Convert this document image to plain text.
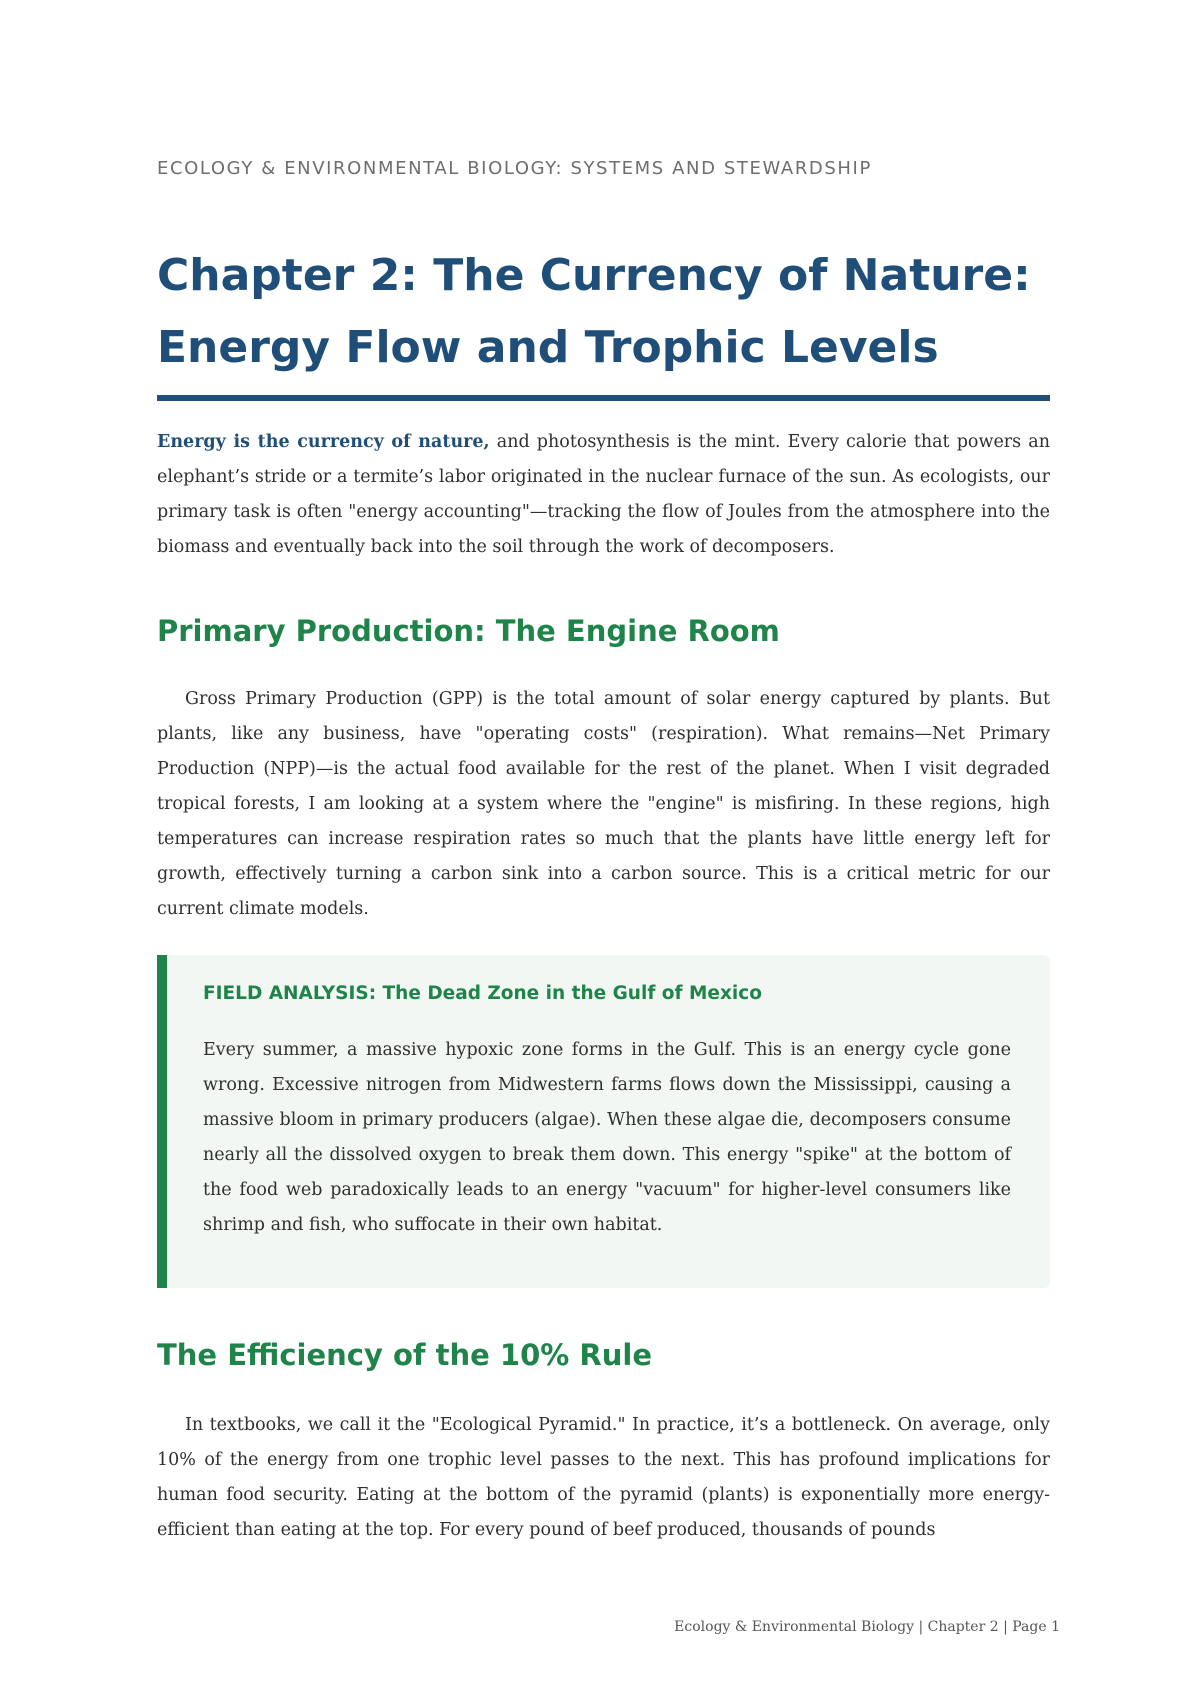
ECOLOGY & ENVIRONMENTAL BIOLOGY: SYSTEMS AND STEWARDSHIP
Chapter 2: The Currency of Nature: Energy Flow and Trophic Levels

Energy is the currency of nature, and photosynthesis is the mint. Every calorie that powers an elephant’s stride or a termite’s labor originated in the nuclear furnace of the sun. As ecologists, our primary task is often "energy accounting"—tracking the flow of Joules from the atmosphere into the biomass and eventually back into the soil through the work of decomposers.

Primary Production: The Engine Room

Gross Primary Production (GPP) is the total amount of solar energy captured by plants. But plants, like any business, have "operating costs" (respiration). What remains—Net Primary Production (NPP)—is the actual food available for the rest of the planet. When I visit degraded tropical forests, I am looking at a system where the "engine" is misfiring. In these regions, high temperatures can increase respiration rates so much that the plants have little energy left for growth, effectively turning a carbon sink into a carbon source. This is a critical metric for our current climate models.

FIELD ANALYSIS: The Dead Zone in the Gulf of Mexico

Every summer, a massive hypoxic zone forms in the Gulf. This is an energy cycle gone wrong. Excessive nitrogen from Midwestern farms flows down the Mississippi, causing a massive bloom in primary producers (algae). When these algae die, decomposers consume nearly all the dissolved oxygen to break them down. This energy "spike" at the bottom of the food web paradoxically leads to an energy "vacuum" for higher-level consumers like shrimp and fish, who suffocate in their own habitat.

The Efficiency of the 10% Rule

In textbooks, we call it the "Ecological Pyramid." In practice, it’s a bottleneck. On average, only 10% of the energy from one trophic level passes to the next. This has profound implications for human food security. Eating at the bottom of the pyramid (plants) is exponentially more energy-efficient than eating at the top. For every pound of beef produced, thousands of pounds

Ecology & Environmental Biology | Chapter 2 | Page 1
